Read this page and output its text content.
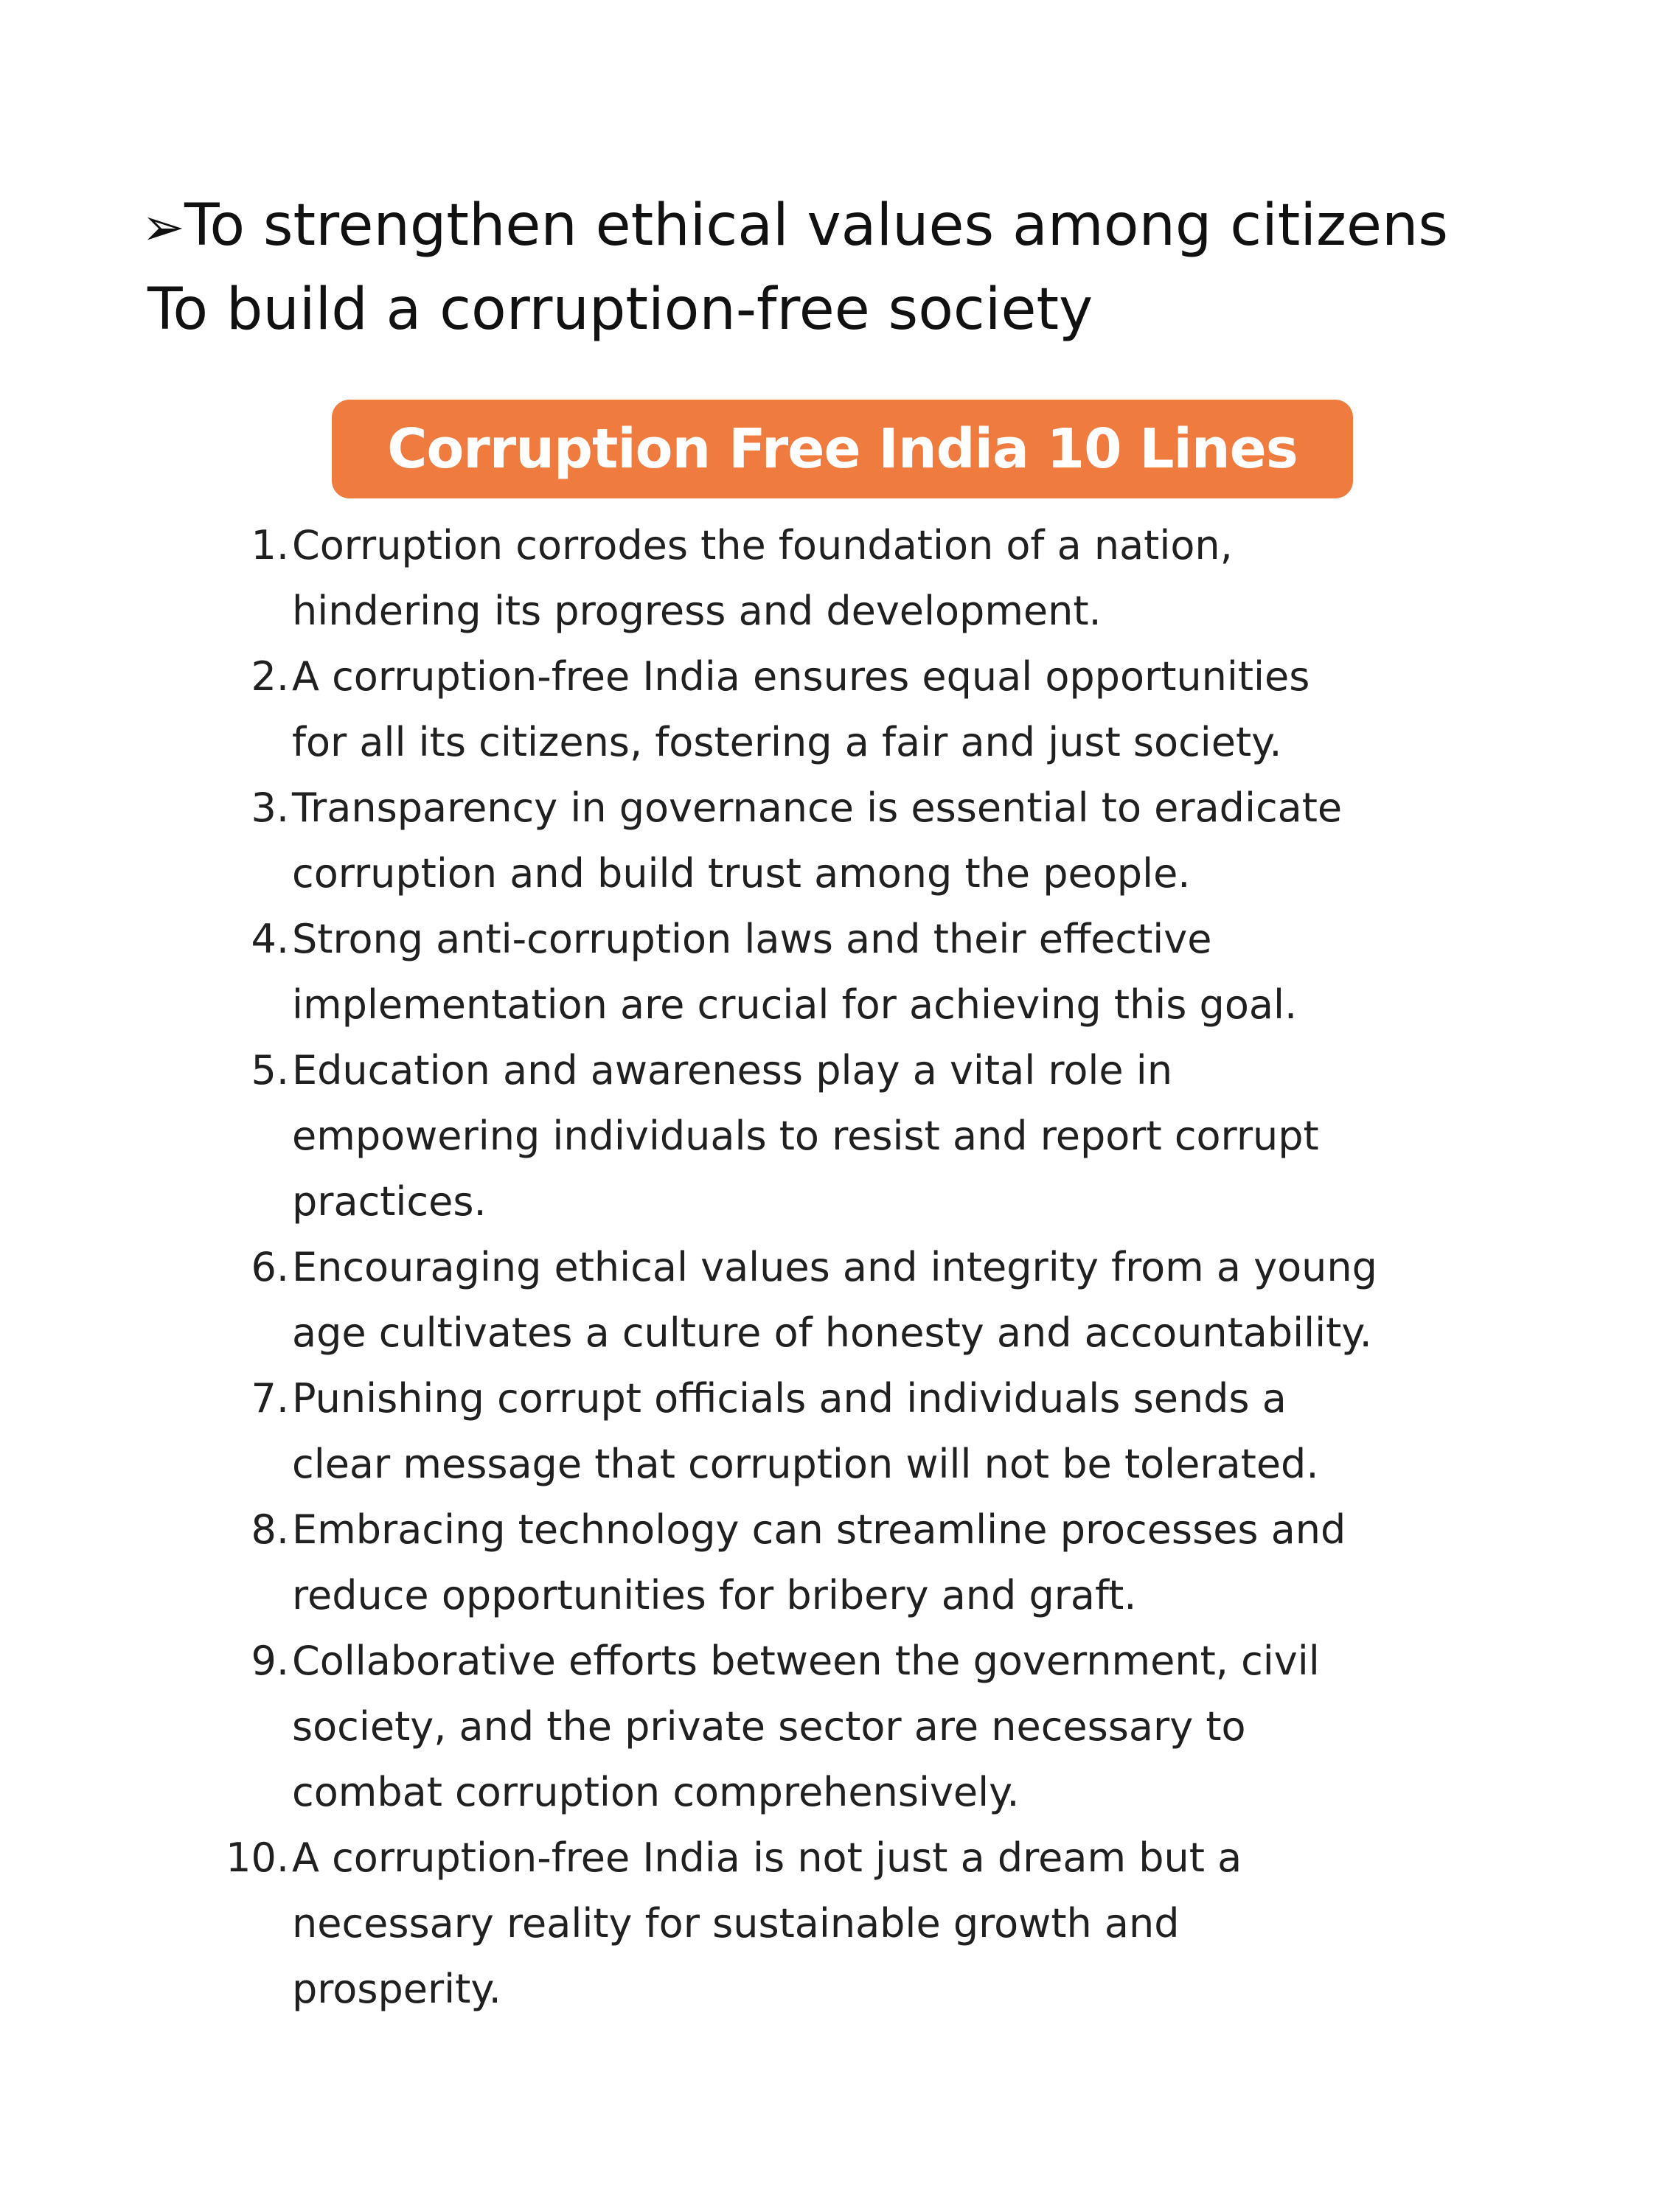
➢ To strengthen ethical values among citizens
To build a corruption-free society
Corruption Free India 10 Lines
1. Corruption corrodes the foundation of a nation,
hindering its progress and development.
2. A corruption-free India ensures equal opportunities
for all its citizens, fostering a fair and just society.
3. Transparency in governance is essential to eradicate
corruption and build trust among the people.
4. Strong anti-corruption laws and their effective
implementation are crucial for achieving this goal.
5. Education and awareness play a vital role in
empowering individuals to resist and report corrupt
practices.
6. Encouraging ethical values and integrity from a young
age cultivates a culture of honesty and accountability.
7. Punishing corrupt officials and individuals sends a
clear message that corruption will not be tolerated.
8. Embracing technology can streamline processes and
reduce opportunities for bribery and graft.
9. Collaborative efforts between the government, civil
society, and the private sector are necessary to
combat corruption comprehensively.
10. A corruption-free India is not just a dream but a
necessary reality for sustainable growth and
prosperity.
